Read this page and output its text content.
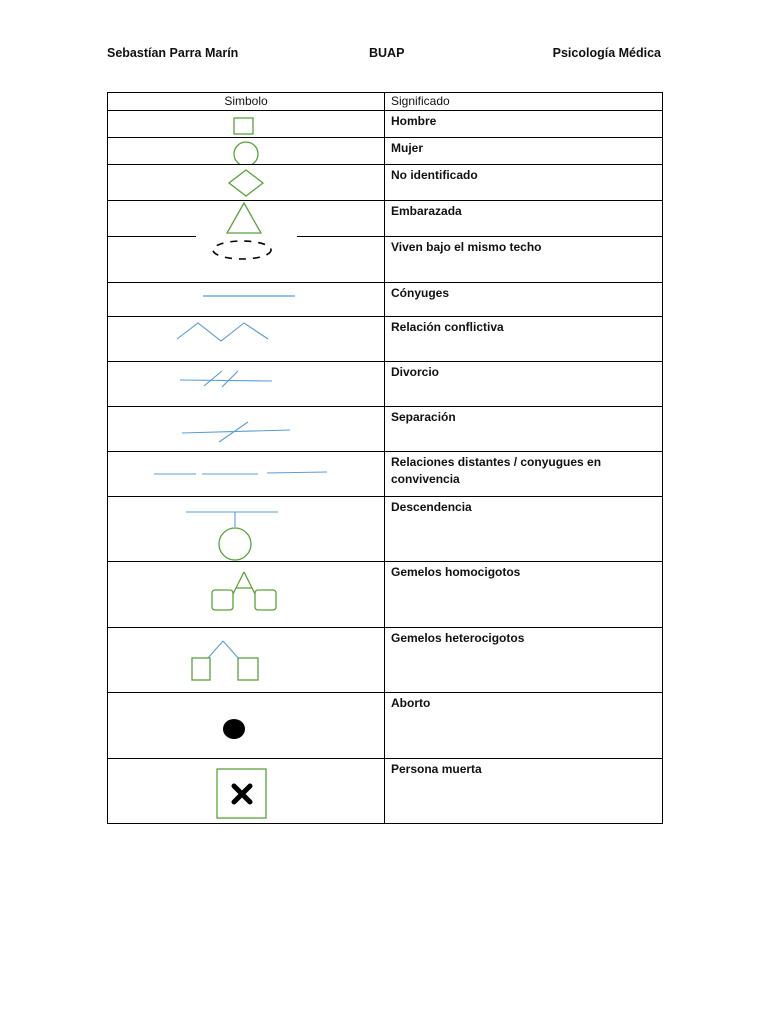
Sebastían Parra Marín	BUAP	Psicología Médica
Simbolo	Significado

	Hombre

	Mujer

	No identificado

	Embarazada

	Viven bajo el mismo techo

	Cónyuges

	Relación conflictiva

	Divorcio

	Separación

	Relaciones distantes / conyugues en convivencia

	Descendencia

	Gemelos homocigotos

	Gemelos heterocigotos

	Aborto

	Persona muerta
